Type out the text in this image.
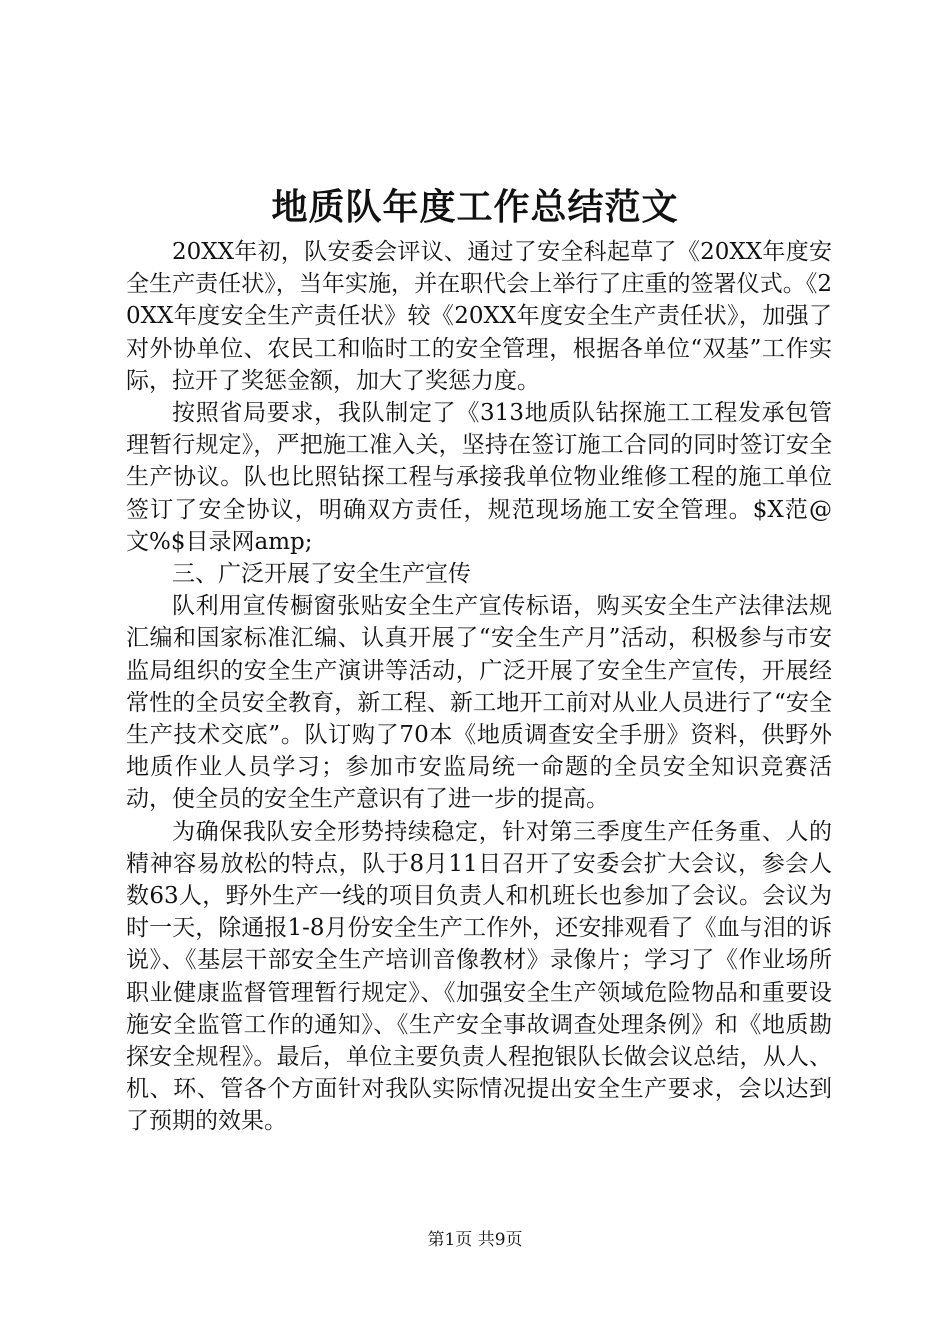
地质队年度工作总结范文

20XX年初，队安委会评议、通过了安全科起草了《20XX年度安全生产责任状》，当年实施，并在职代会上举行了庄重的签署仪式。《20XX年度安全生产责任状》较《20XX年度安全生产责任状》，加强了对外协单位、农民工和临时工的安全管理，根据各单位“双基”工作实际，拉开了奖惩金额，加大了奖惩力度。

按照省局要求，我队制定了《313地质队钻探施工工程发承包管理暂行规定》，严把施工准入关，坚持在签订施工合同的同时签订安全生产协议。队也比照钻探工程与承接我单位物业维修工程的施工单位签订了安全协议，明确双方责任，规范现场施工安全管理。$X范@文%$目录网amp;

三、广泛开展了安全生产宣传

队利用宣传橱窗张贴安全生产宣传标语，购买安全生产法律法规汇编和国家标准汇编、认真开展了“安全生产月”活动，积极参与市安监局组织的安全生产演讲等活动，广泛开展了安全生产宣传，开展经常性的全员安全教育，新工程、新工地开工前对从业人员进行了“安全生产技术交底”。队订购了70本《地质调查安全手册》资料，供野外地质作业人员学习；参加市安监局统一命题的全员安全知识竞赛活动，使全员的安全生产意识有了进一步的提高。

为确保我队安全形势持续稳定，针对第三季度生产任务重、人的精神容易放松的特点，队于8月11日召开了安委会扩大会议，参会人数63人，野外生产一线的项目负责人和机班长也参加了会议。会议为时一天，除通报1-8月份安全生产工作外，还安排观看了《血与泪的诉说》、《基层干部安全生产培训音像教材》录像片；学习了《作业场所职业健康监督管理暂行规定》、《加强安全生产领域危险物品和重要设施安全监管工作的通知》、《生产安全事故调查处理条例》和《地质勘探安全规程》。最后，单位主要负责人程抱银队长做会议总结，从人、机、环、管各个方面针对我队实际情况提出安全生产要求，会以达到了预期的效果。

第1页 共9页
